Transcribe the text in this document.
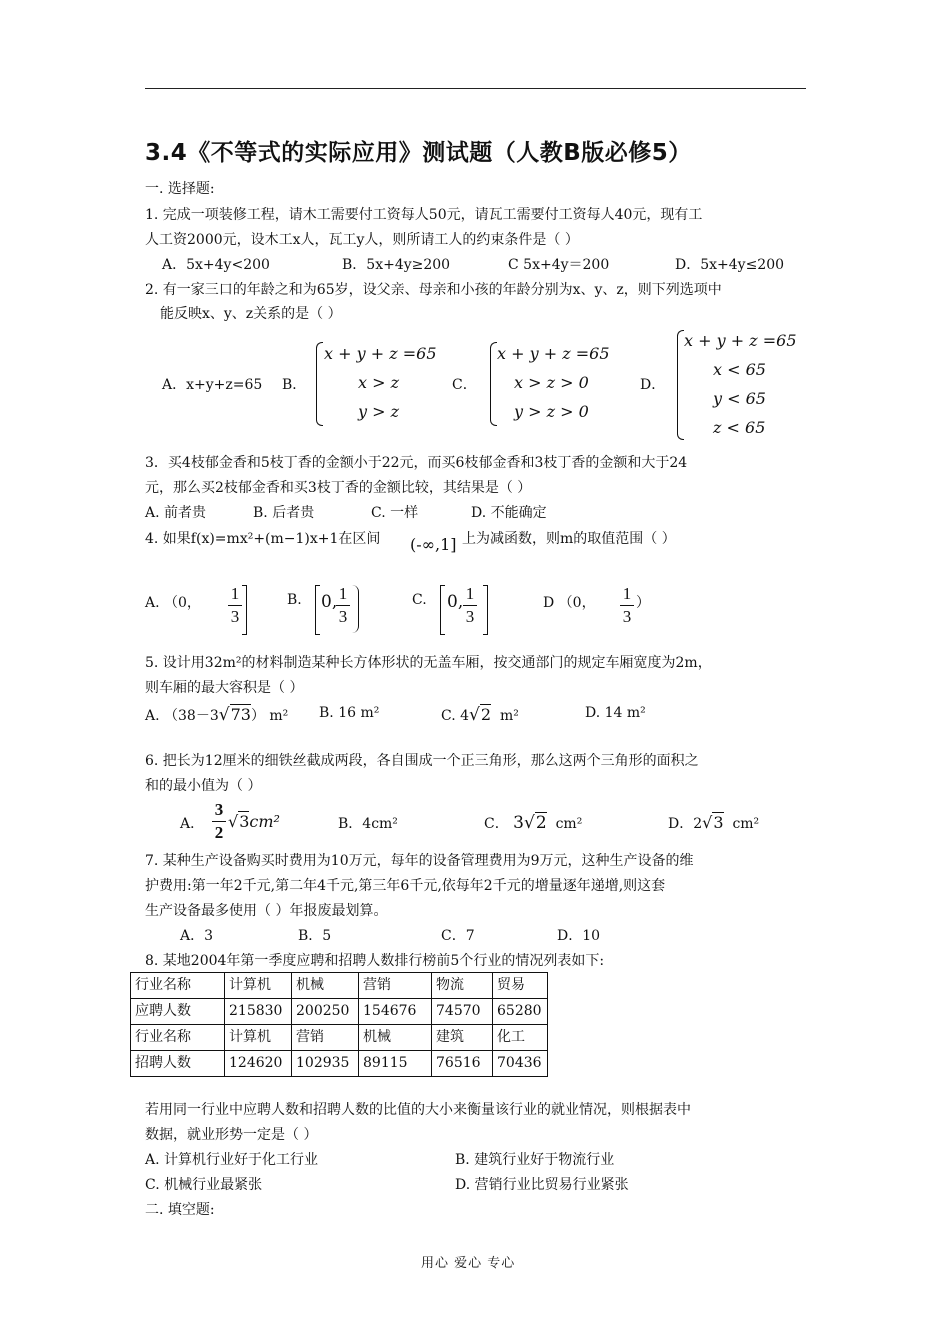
3.4《不等式的实际应用》测试题（人教B版必修5）
一. 选择题:
1. 完成一项装修工程，请木工需要付工资每人50元，请瓦工需要付工资每人40元，现有工
人工资2000元，设木工x人，瓦工y人，则所请工人的约束条件是（ ）
A．5x+4y<200	B．5x+4y≥200	C 5x+4y＝200	D．5x+4y≤200
2. 有一家三口的年龄之和为65岁，设父亲、母亲和小孩的年龄分别为x、y、z，则下列选项中
能反映x、y、z关系的是（ ）
A．x+y+z=65 B．
x + y + z =65
x > z
y > z
C．
x + y + z =65
x > z > 0
y > z > 0
D．
x + y + z =65
x < 65
y < 65
z < 65
3．买4枝郁金香和5枝丁香的金额小于22元，而买6枝郁金香和3枝丁香的金额和大于24
元，那么买2枝郁金香和买3枝丁香的金额比较，其结果是（ ）
A. 前者贵	B. 后者贵	C. 一样	D. 不能确定
4. 如果f(x)=mx²+(m−1)x+1在区间 (-∞,1] 上为减函数，则m的取值范围（ ）
A. （0， 1
3
B. 0, 1
3
C. 0, 1
3
D （0， 1
3
）
5. 设计用32m²的材料制造某种长方体形状的无盖车厢，按交通部门的规定车厢宽度为2m，
则车厢的最大容积是（ ）
A. （38－3√73） m² B. 16 m²	C. 4√2 m²	D. 14 m²
6. 把长为12厘米的细铁丝截成两段，各自围成一个正三角形，那么这两个三角形的面积之
和的最小值为（ ）
A．
3
2
√3cm²	B．4cm²	C． 3√2 cm²	D．2√3 cm²
7. 某种生产设备购买时费用为10万元，每年的设备管理费用为9万元，这种生产设备的维
护费用:第一年2千元,第二年4千元,第三年6千元,依每年2千元的增量逐年递增,则这套
生产设备最多使用（ ）年报废最划算。
A．3	B．5	C．7	D．10
8. 某地2004年第一季度应聘和招聘人数排行榜前5个行业的情况列表如下:
行业名称	计算机	机械	营销	物流	贸易
应聘人数	215830	200250	154676	74570	65280
行业名称	计算机	营销	机械	建筑	化工
招聘人数	124620	102935	89115	76516	70436
若用同一行业中应聘人数和招聘人数的比值的大小来衡量该行业的就业情况，则根据表中
数据，就业形势一定是（ ）
A. 计算机行业好于化工行业	B. 建筑行业好于物流行业
C. 机械行业最紧张	D. 营销行业比贸易行业紧张
二. 填空题:
用心 爱心 专心
